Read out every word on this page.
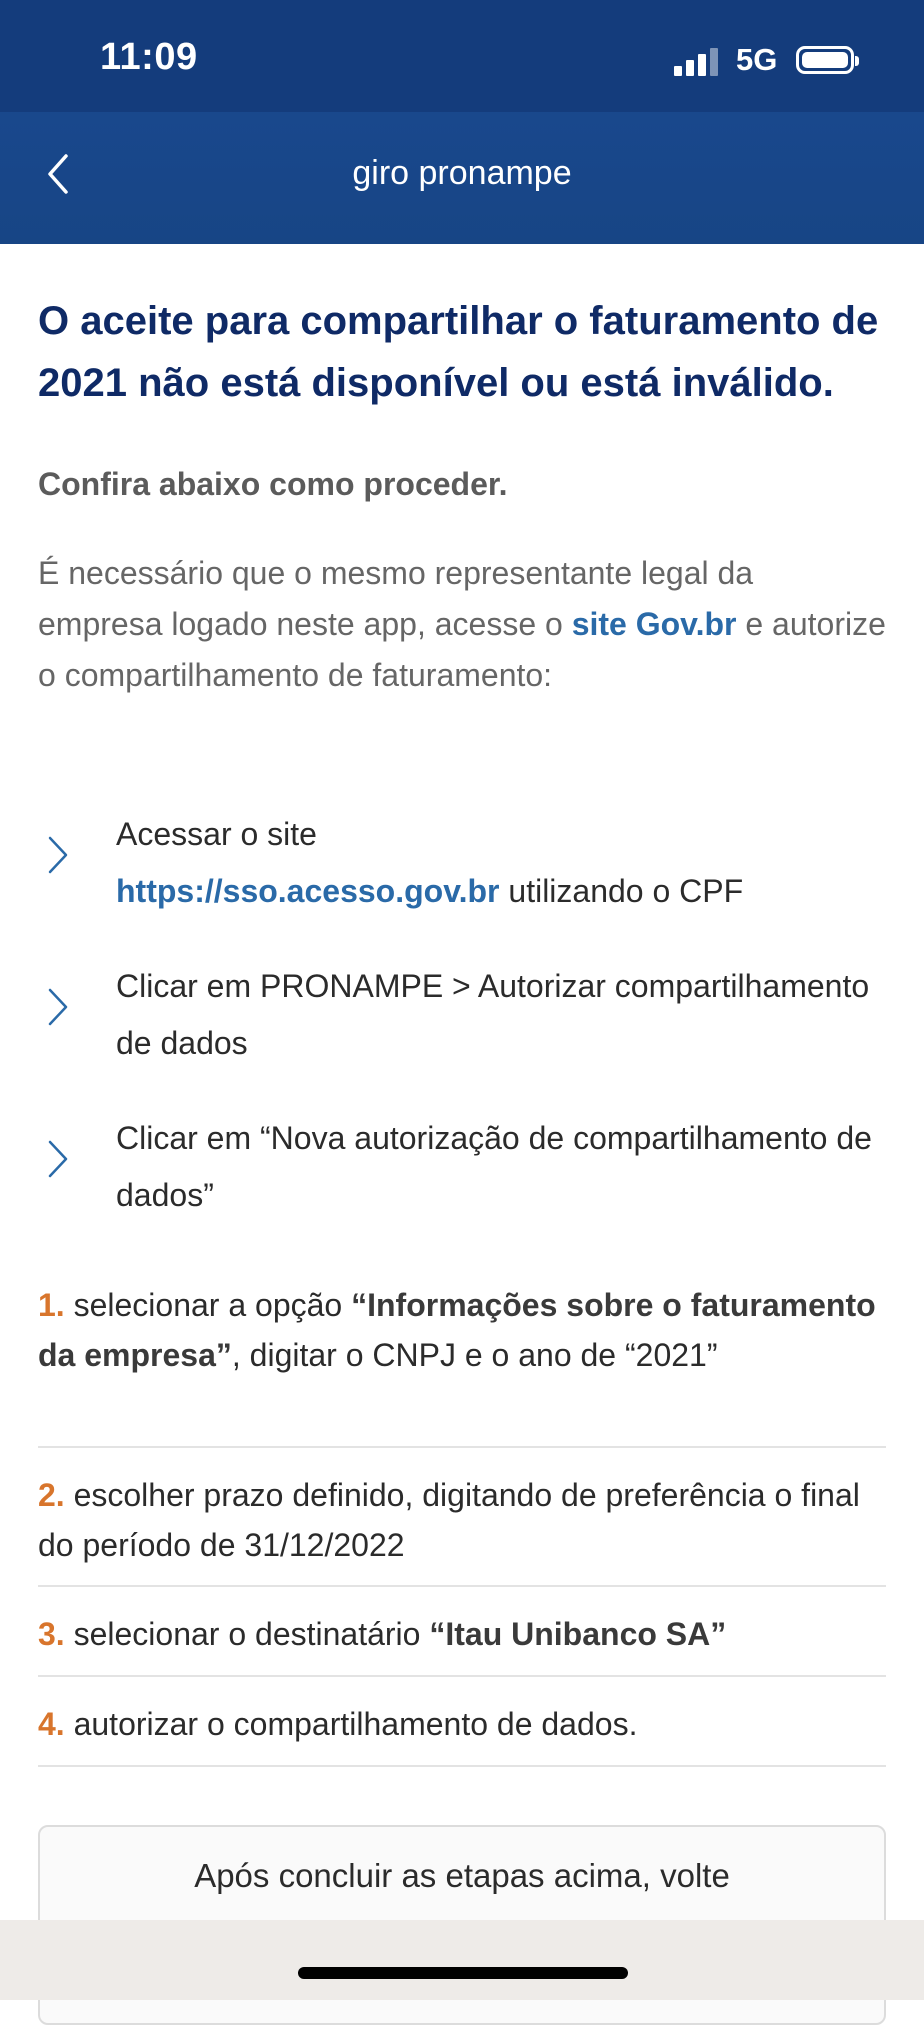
11:09	5G
giro pronampe
O aceite para compartilhar o faturamento de 2021 não está disponível ou está inválido.
Confira abaixo como proceder.
É necessário que o mesmo representante legal da empresa logado neste app, acesse o site Gov.br e autorize o compartilhamento de faturamento:
Acessar o site
https://sso.acesso.gov.br utilizando o CPF
Clicar em PRONAMPE > Autorizar compartilhamento de dados
Clicar em “Nova autorização de compartilhamento de dados”
1. selecionar a opção “Informações sobre o faturamento da empresa”, digitar o CNPJ e o ano de “2021”
2. escolher prazo definido, digitando de preferência o final do período de 31/12/2022
3. selecionar o destinatário “Itau Unibanco SA”
4. autorizar o compartilhamento de dados.
Após concluir as etapas acima, volte
